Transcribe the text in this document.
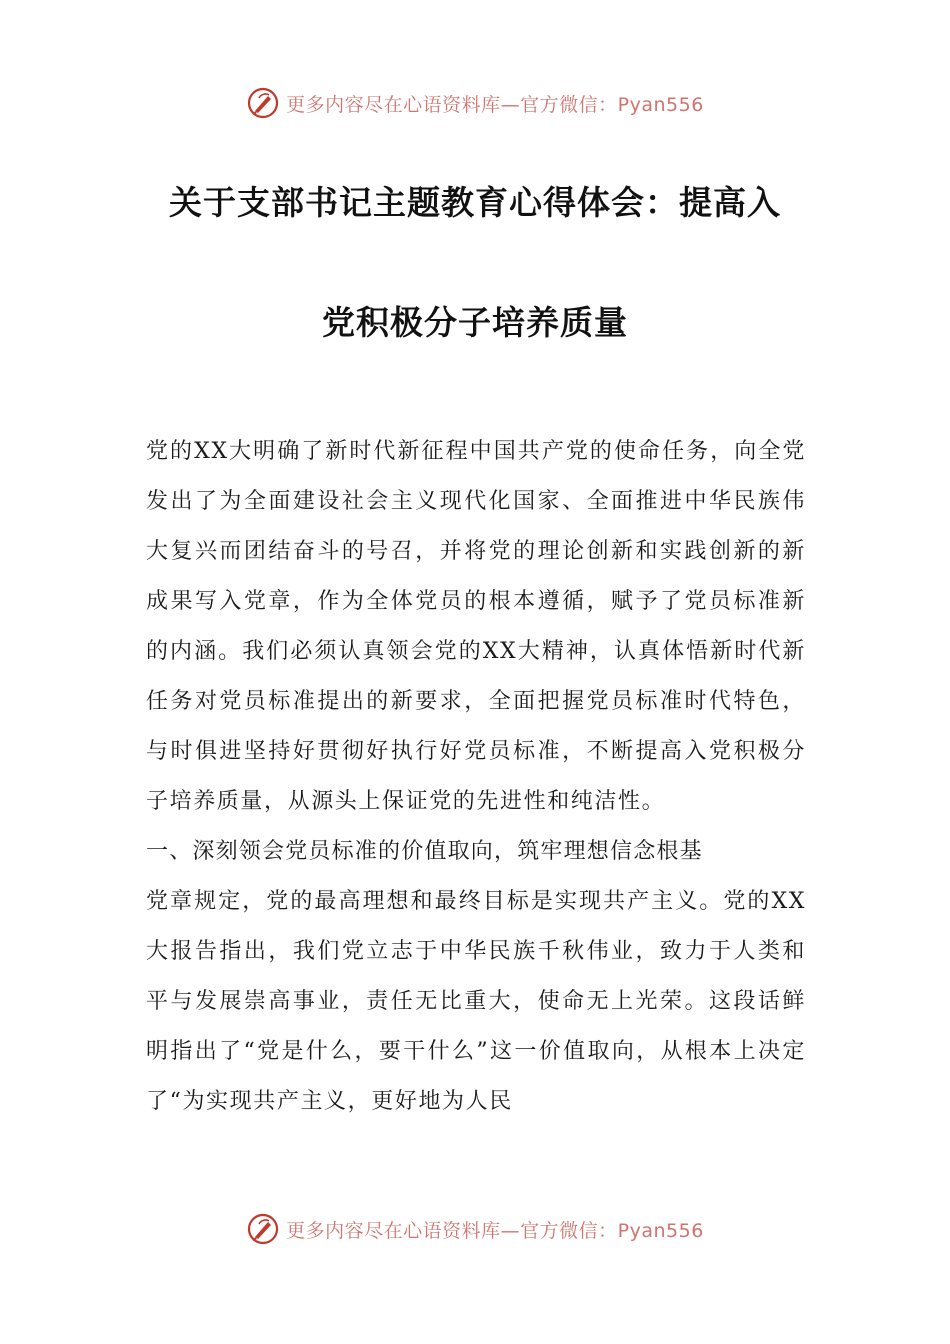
更多内容尽在心语资料库—官方微信：Pyan556
关于支部书记主题教育心得体会：提高入
党积极分子培养质量

党的XX大明确了新时代新征程中国共产党的使命任务，向全党发出了为全面建设社会主义现代化国家、全面推进中华民族伟大复兴而团结奋斗的号召，并将党的理论创新和实践创新的新成果写入党章，作为全体党员的根本遵循，赋予了党员标准新的内涵。我们必须认真领会党的XX大精神，认真体悟新时代新任务对党员标准提出的新要求，全面把握党员标准时代特色，与时俱进坚持好贯彻好执行好党员标准，不断提高入党积极分子培养质量，从源头上保证党的先进性和纯洁性。

一、深刻领会党员标准的价值取向，筑牢理想信念根基

党章规定，党的最高理想和最终目标是实现共产主义。党的XX大报告指出，我们党立志于中华民族千秋伟业，致力于人类和平与发展崇高事业，责任无比重大，使命无上光荣。这段话鲜明指出了“党是什么，要干什么”这一价值取向，从根本上决定了“为实现共产主义，更好地为人民

更多内容尽在心语资料库—官方微信：Pyan556
